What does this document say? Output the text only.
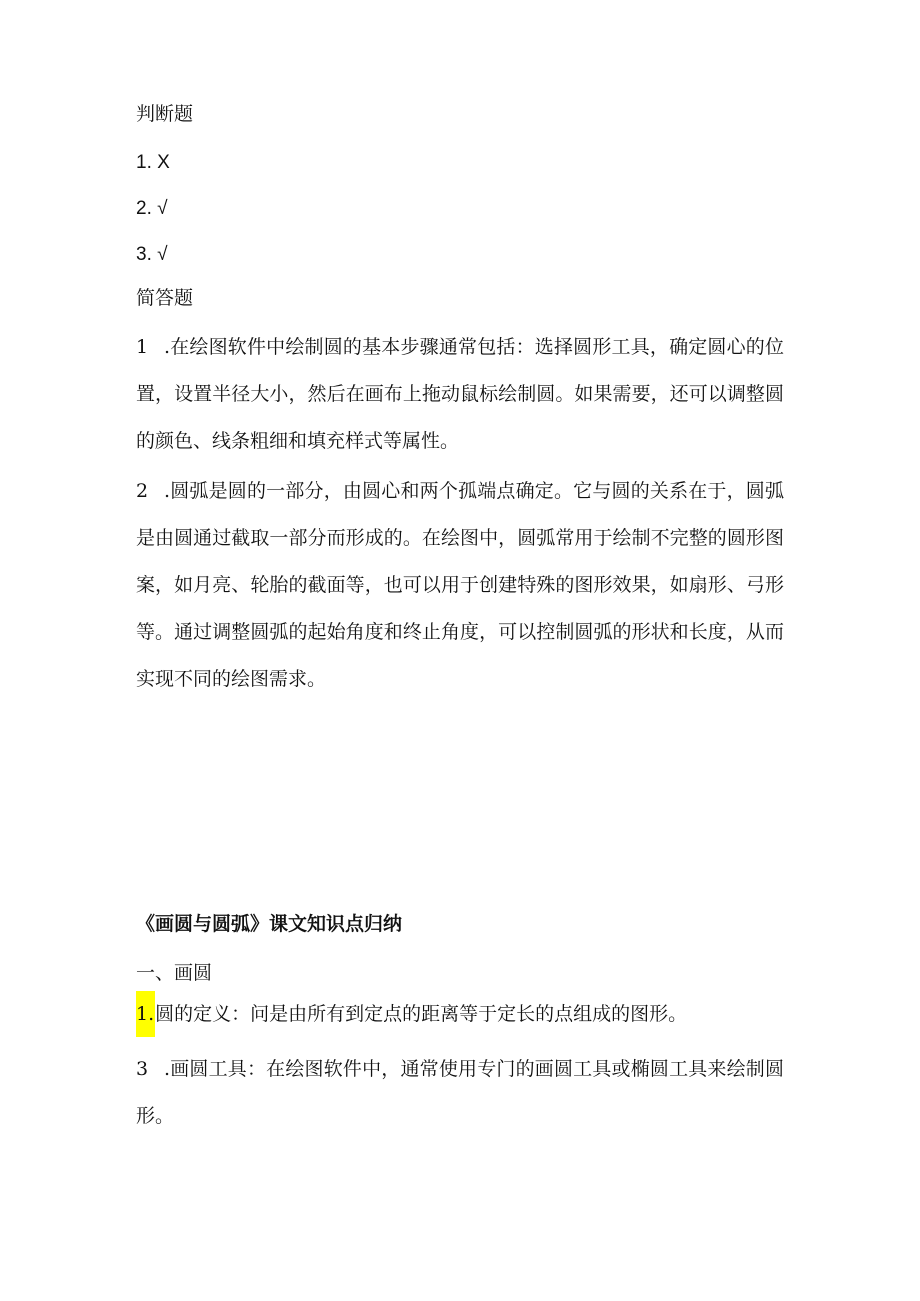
判断题
1. X
2. √
3. √
简答题
1 .在绘图软件中绘制圆的基本步骤通常包括：选择圆形工具，确定圆心的位置，设置半径大小，然后在画布上拖动鼠标绘制圆。如果需要，还可以调整圆的颜色、线条粗细和填充样式等属性。
2 .圆弧是圆的一部分，由圆心和两个孤端点确定。它与圆的关系在于，圆弧是由圆通过截取一部分而形成的。在绘图中，圆弧常用于绘制不完整的圆形图案，如月亮、轮胎的截面等，也可以用于创建特殊的图形效果，如扇形、弓形等。通过调整圆弧的起始角度和终止角度，可以控制圆弧的形状和长度，从而实现不同的绘图需求。
《画圆与圆弧》课文知识点归纳
一、画圆
1.圆的定义：问是由所有到定点的距离等于定长的点组成的图形。
3 .画圆工具：在绘图软件中，通常使用专门的画圆工具或椭圆工具来绘制圆形。
